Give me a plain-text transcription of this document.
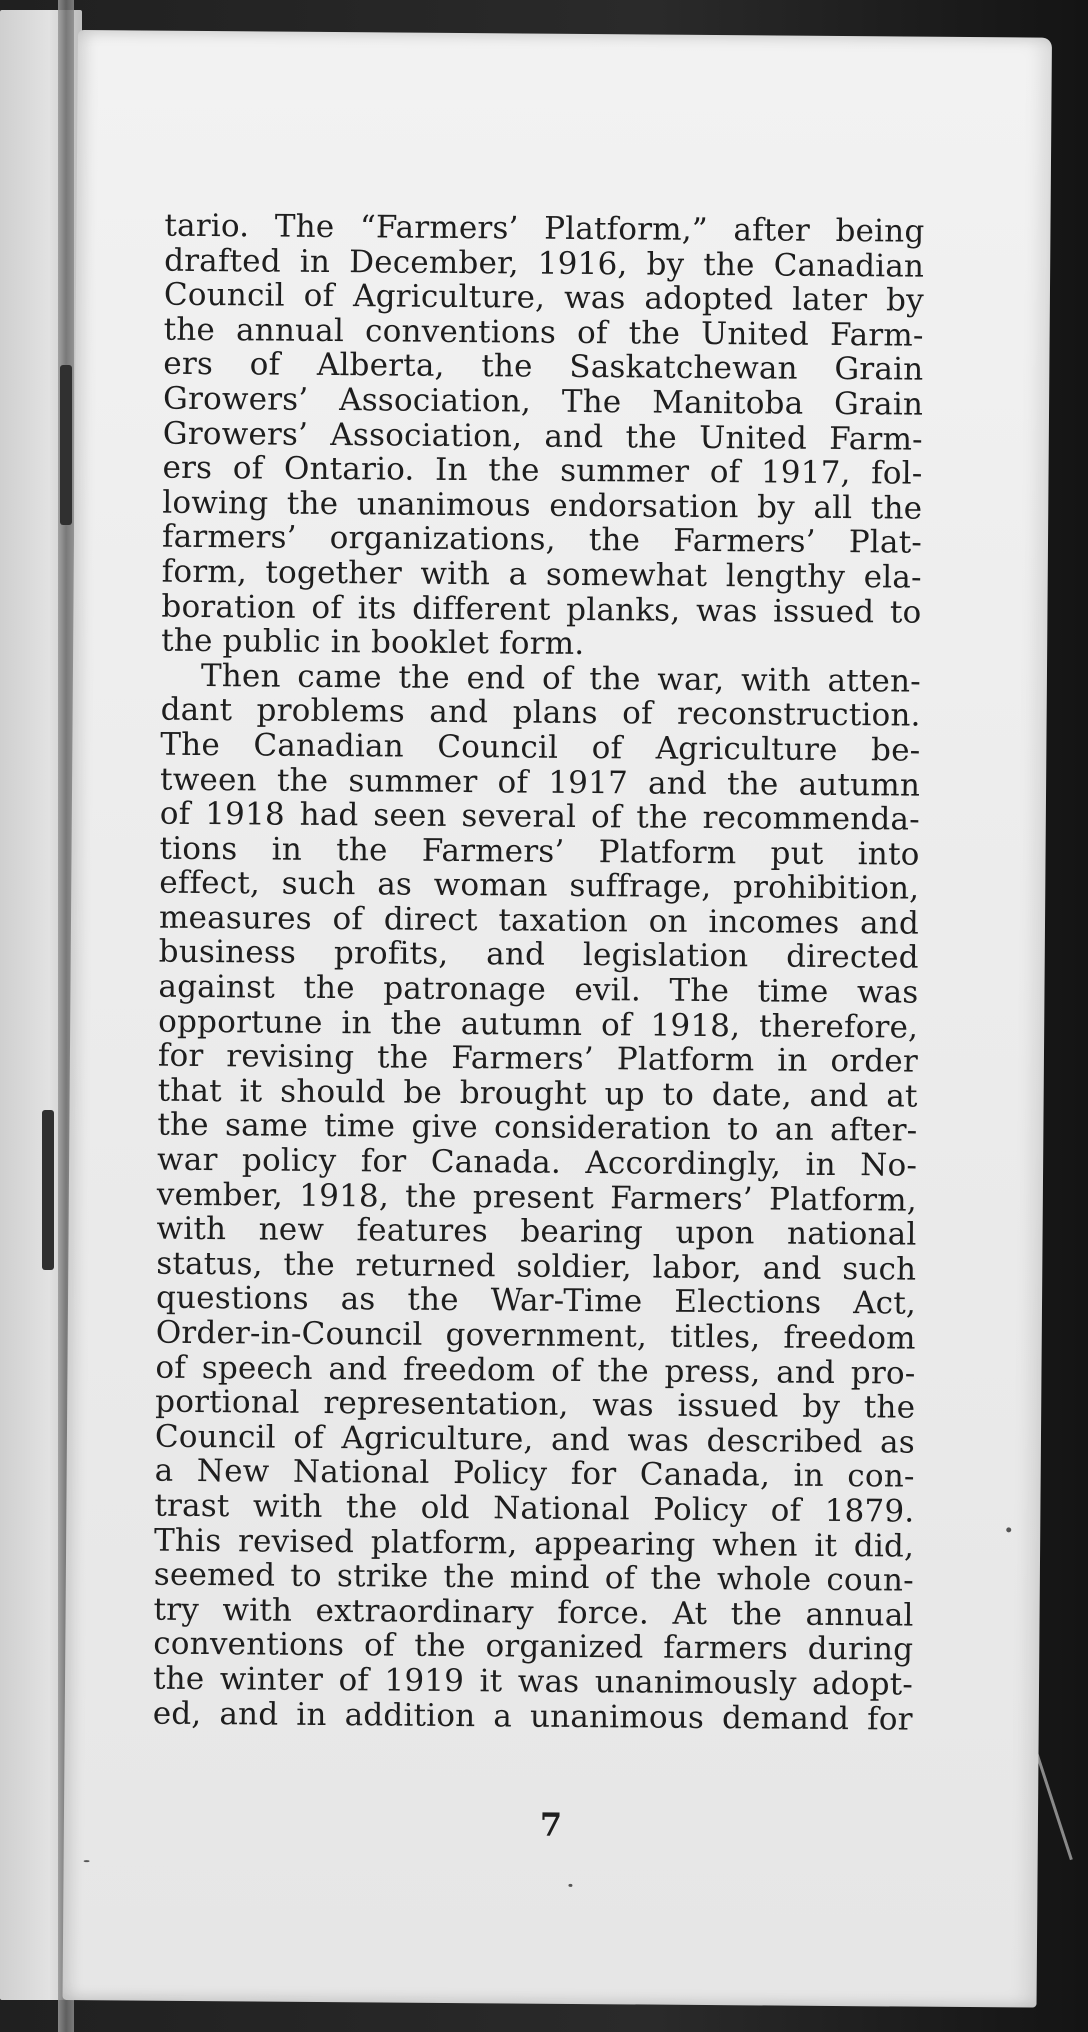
tario. The “Farmers’ Platform,” after being
drafted in December, 1916, by the Canadian
Council of Agriculture, was adopted later by
the annual conventions of the United Farm-
ers of Alberta, the Saskatchewan Grain
Growers’ Association, The Manitoba Grain
Growers’ Association, and the United Farm-
ers of Ontario. In the summer of 1917, fol-
lowing the unanimous endorsation by all the
farmers’ organizations, the Farmers’ Plat-
form, together with a somewhat lengthy ela-
boration of its different planks, was issued to
the public in booklet form.
Then came the end of the war, with atten-
dant problems and plans of reconstruction.
The Canadian Council of Agriculture be-
tween the summer of 1917 and the autumn
of 1918 had seen several of the recommenda-
tions in the Farmers’ Platform put into
effect, such as woman suffrage, prohibition,
measures of direct taxation on incomes and
business profits, and legislation directed
against the patronage evil. The time was
opportune in the autumn of 1918, therefore,
for revising the Farmers’ Platform in order
that it should be brought up to date, and at
the same time give consideration to an after-
war policy for Canada. Accordingly, in No-
vember, 1918, the present Farmers’ Platform,
with new features bearing upon national
status, the returned soldier, labor, and such
questions as the War-Time Elections Act,
Order-in-Council government, titles, freedom
of speech and freedom of the press, and pro-
portional representation, was issued by the
Council of Agriculture, and was described as
a New National Policy for Canada, in con-
trast with the old National Policy of 1879.
This revised platform, appearing when it did,
seemed to strike the mind of the whole coun-
try with extraordinary force. At the annual
conventions of the organized farmers during
the winter of 1919 it was unanimously adopt-
ed, and in addition a unanimous demand for
7
